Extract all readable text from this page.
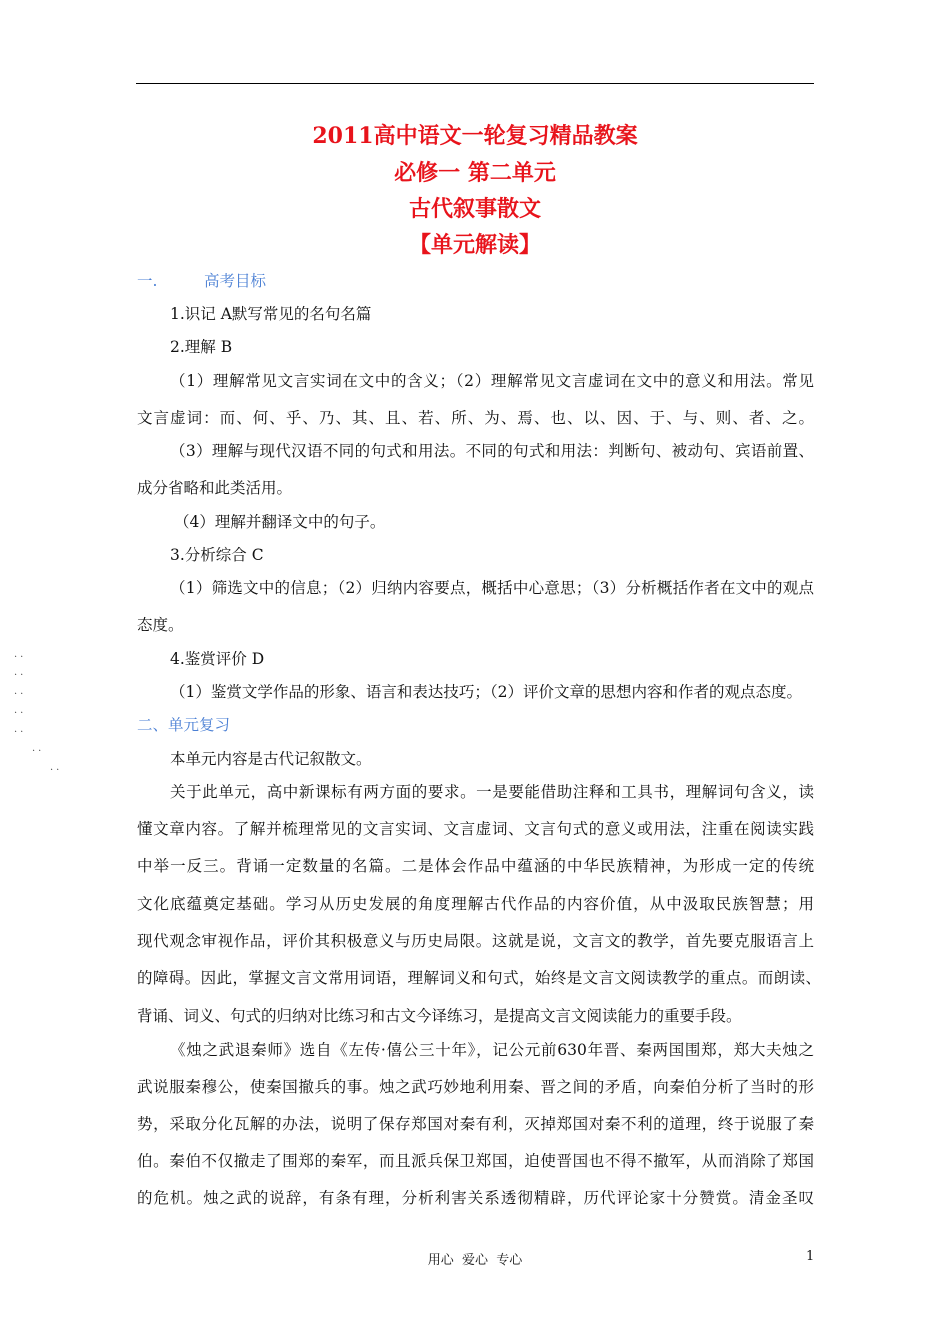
2011高中语文一轮复习精品教案
必修一 第二单元
古代叙事散文
【单元解读】
一.	高考目标
1.识记 A默写常见的名句名篇
2.理解 B
（1）理解常见文言实词在文中的含义；（2）理解常见文言虚词在文中的意义和用法。常见
文言虚词：而、何、乎、乃、其、且、若、所、为、焉、也、以、因、于、与、则、者、之。
（3）理解与现代汉语不同的句式和用法。不同的句式和用法：判断句、被动句、宾语前置、
成分省略和此类活用。
（4）理解并翻译文中的句子。
3.分析综合 C
（1）筛选文中的信息；（2）归纳内容要点，概括中心意思；（3）分析概括作者在文中的观点
态度。
4.鉴赏评价 D
（1）鉴赏文学作品的形象、语言和表达技巧；（2）评价文章的思想内容和作者的观点态度。
二、单元复习
本单元内容是古代记叙散文。
关于此单元，高中新课标有两方面的要求。一是要能借助注释和工具书，理解词句含义，读
懂文章内容。了解并梳理常见的文言实词、文言虚词、文言句式的意义或用法，注重在阅读实践
中举一反三。背诵一定数量的名篇。二是体会作品中蕴涵的中华民族精神，为形成一定的传统
文化底蕴奠定基础。学习从历史发展的角度理解古代作品的内容价值，从中汲取民族智慧；用
现代观念审视作品，评价其积极意义与历史局限。这就是说，文言文的教学，首先要克服语言上
的障碍。因此，掌握文言文常用词语，理解词义和句式，始终是文言文阅读教学的重点。而朗读、
背诵、词义、句式的归纳对比练习和古文今译练习，是提高文言文阅读能力的重要手段。
《烛之武退秦师》选自《左传·僖公三十年》，记公元前630年晋、秦两国围郑，郑大夫烛之
武说服秦穆公，使秦国撤兵的事。烛之武巧妙地利用秦、晋之间的矛盾，向秦伯分析了当时的形
势，采取分化瓦解的办法，说明了保存郑国对秦有利，灭掉郑国对秦不利的道理，终于说服了秦
伯。秦伯不仅撤走了围郑的秦军，而且派兵保卫郑国，迫使晋国也不得不撤军，从而消除了郑国
的危机。烛之武的说辞，有条有理，分析利害关系透彻精辟，历代评论家十分赞赏。清金圣叹
··
··
··
··
··
··
··
用心  爱心  专心	1
